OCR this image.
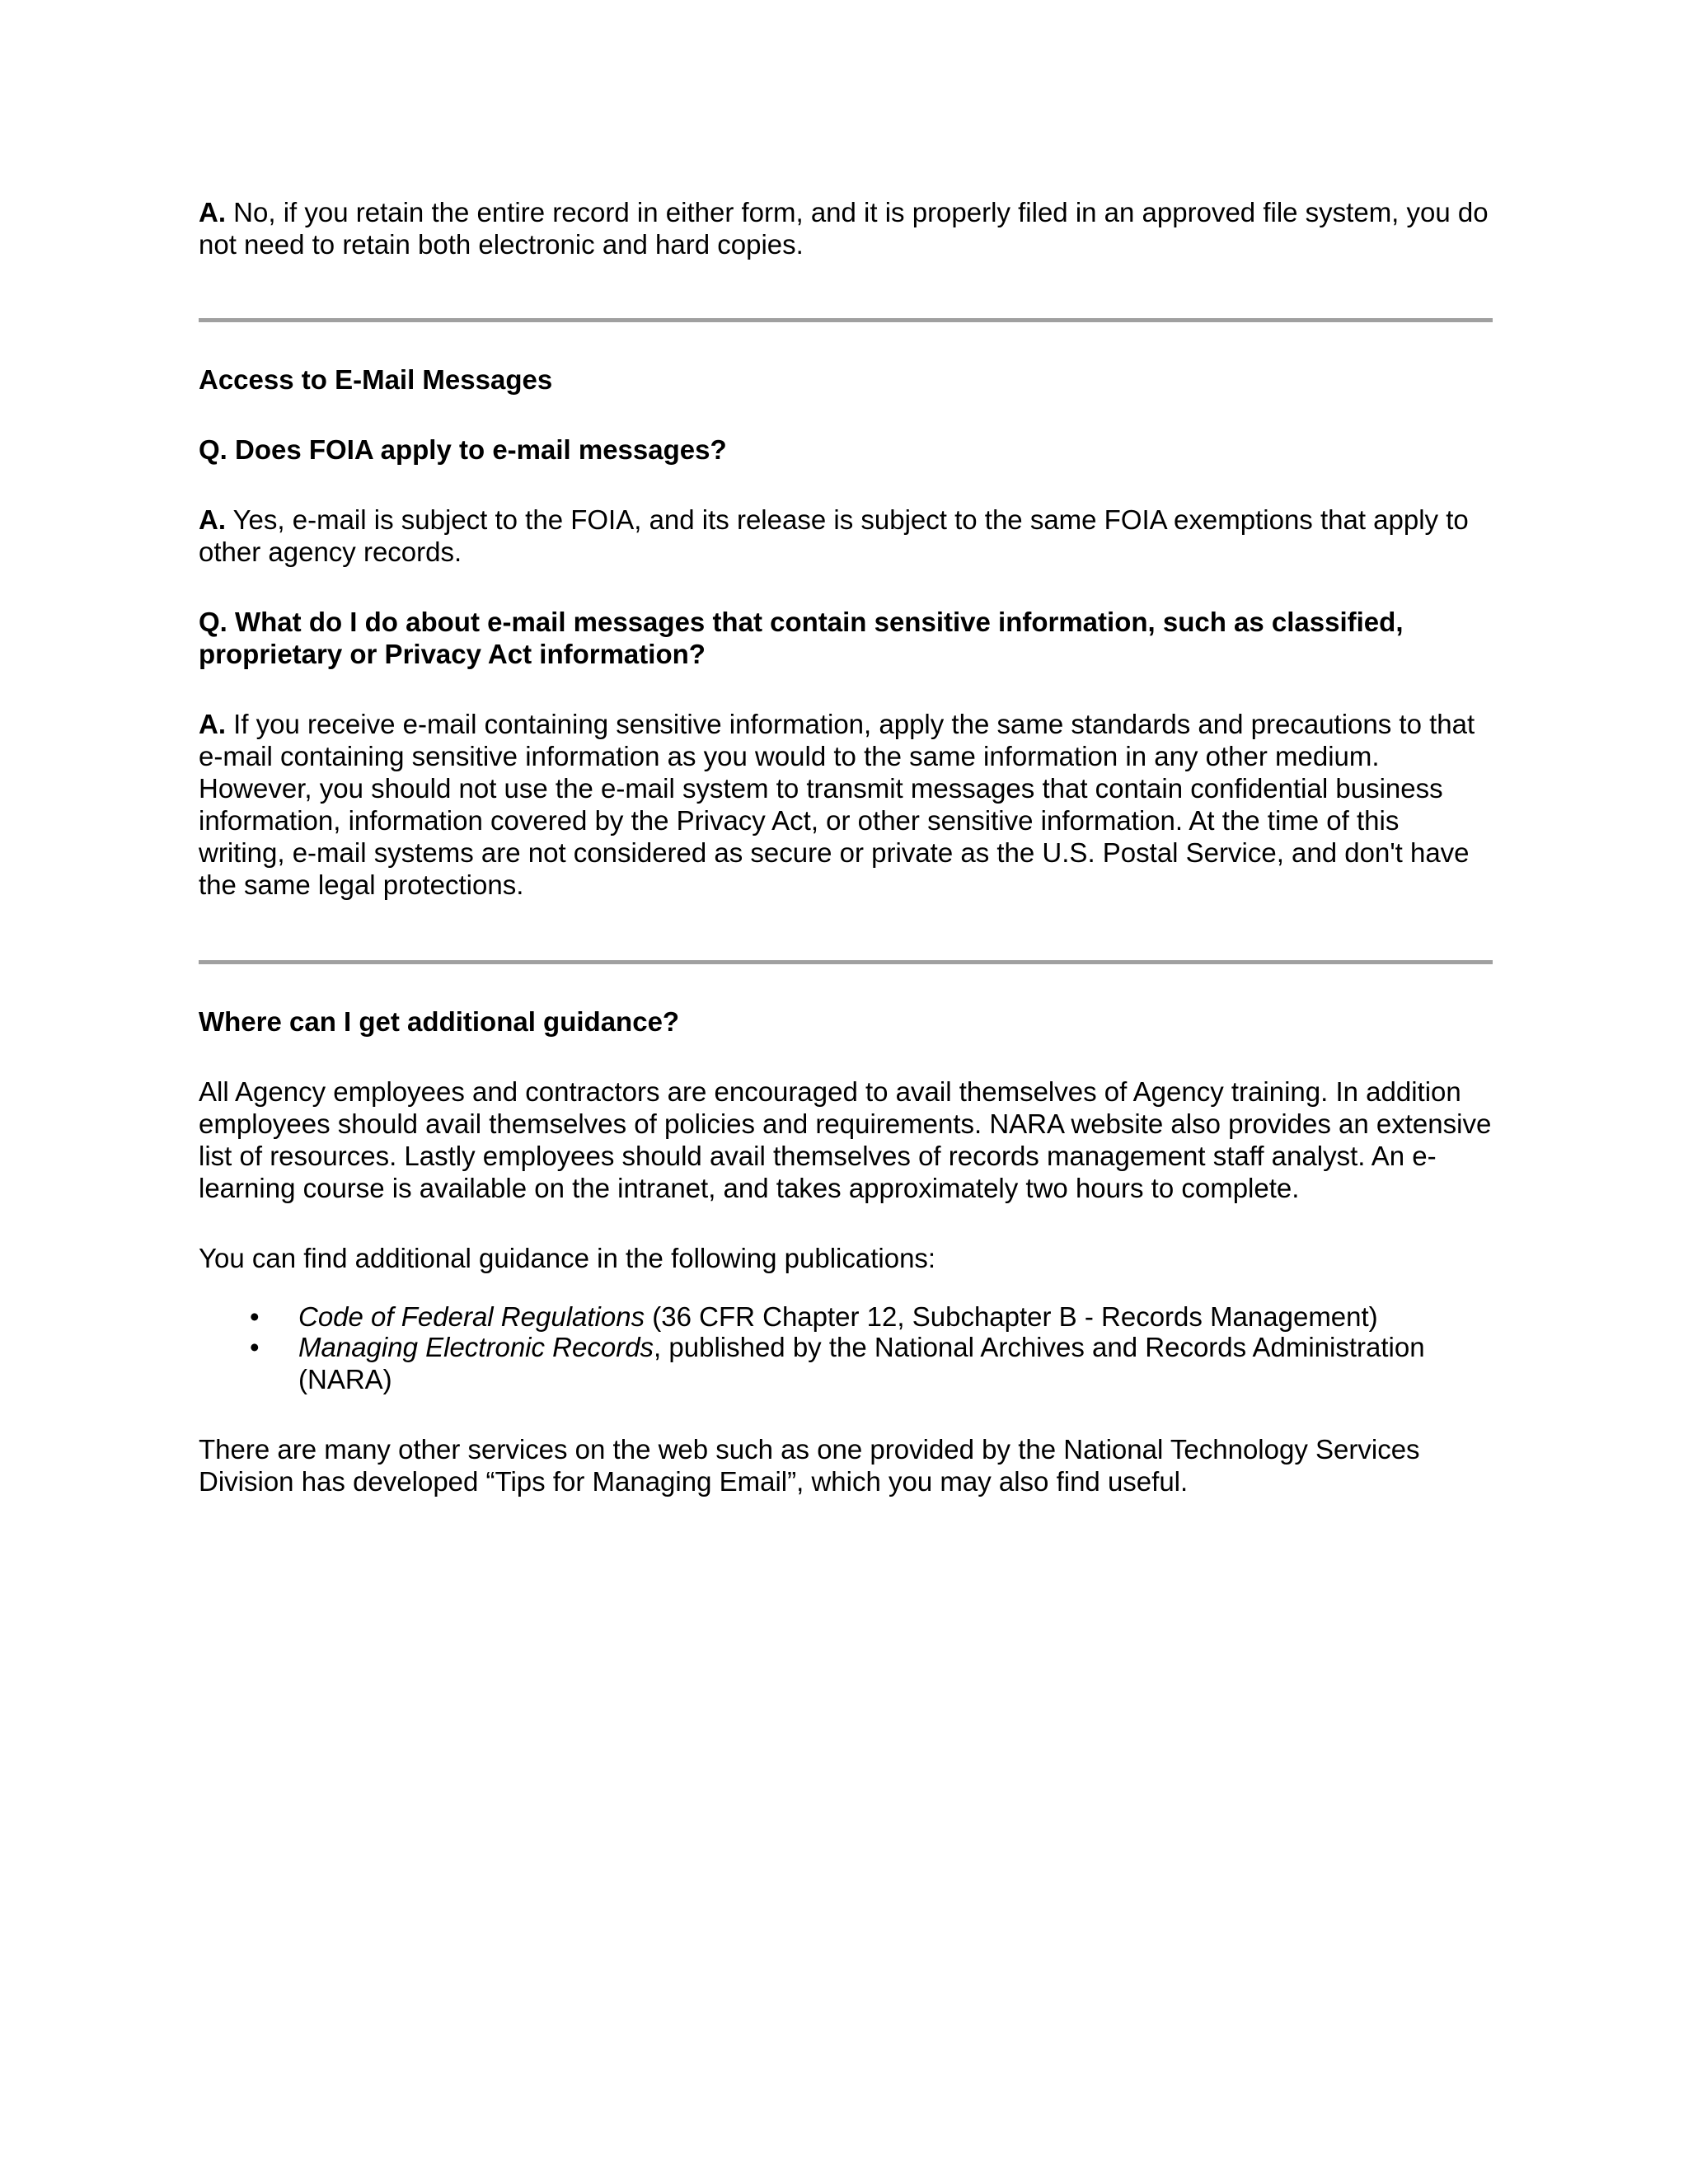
A. No, if you retain the entire record in either form, and it is properly filed in an approved file system, you do not need to retain both electronic and hard copies.

Access to E-Mail Messages

Q. Does FOIA apply to e-mail messages?

A. Yes, e-mail is subject to the FOIA, and its release is subject to the same FOIA exemptions that apply to other agency records.

Q. What do I do about e-mail messages that contain sensitive information, such as classified, proprietary or Privacy Act information?

A. If you receive e-mail containing sensitive information, apply the same standards and precautions to that e-mail containing sensitive information as you would to the same information in any other medium. However, you should not use the e-mail system to transmit messages that contain confidential business information, information covered by the Privacy Act, or other sensitive information. At the time of this writing, e-mail systems are not considered as secure or private as the U.S. Postal Service, and don't have the same legal protections.

Where can I get additional guidance?

All Agency employees and contractors are encouraged to avail themselves of Agency training. In addition employees should avail themselves of policies and requirements. NARA website also provides an extensive list of resources. Lastly employees should avail themselves of records management staff analyst. An e-learning course is available on the intranet, and takes approximately two hours to complete.

You can find additional guidance in the following publications:

• Code of Federal Regulations (36 CFR Chapter 12, Subchapter B - Records Management)
• Managing Electronic Records, published by the National Archives and Records Administration (NARA)

There are many other services on the web such as one provided by the National Technology Services Division has developed “Tips for Managing Email”, which you may also find useful.
